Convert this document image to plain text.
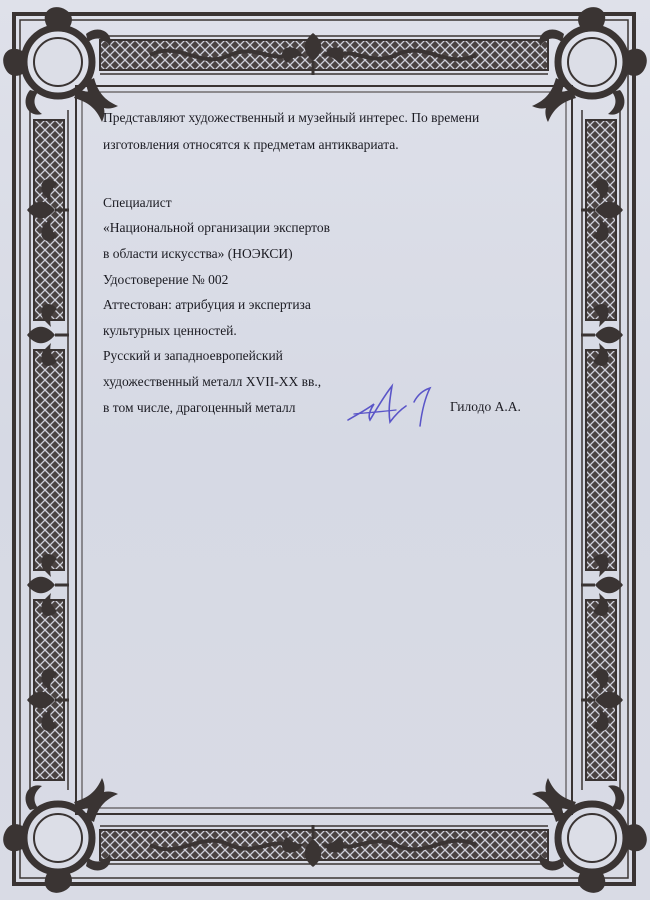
Представляют художественный и музейный интерес. По времени
изготовления относятся к предметам антиквариата.
Специалист
«Национальной организации экспертов
в области искусства» (НОЭКСИ)
Удостоверение № 002
Аттестован: атрибуция и экспертиза
культурных ценностей.
Русский и западноевропейский
художественный металл XVII-XX вв.,
в том числе, драгоценный металл	Гилодо А.А.
